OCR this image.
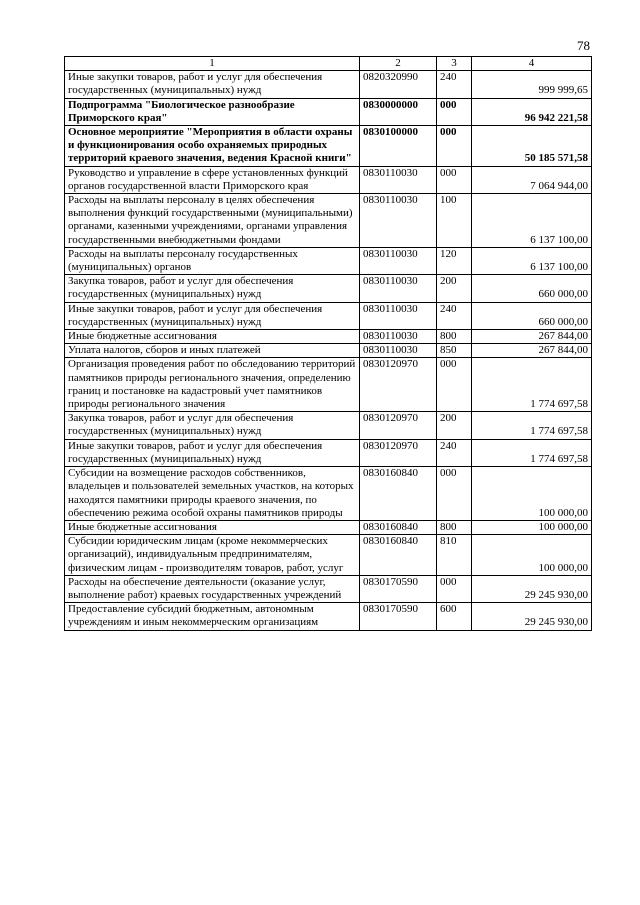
78
1	2	3	4
Иные закупки товаров, работ и услуг для обеспечения государственных (муниципальных) нужд	0820320990	240	999 999,65
Подпрограмма "Биологическое разнообразие Приморского края"	0830000000	000	96 942 221,58
Основное мероприятие "Мероприятия в области охраны и функционирования особо охраняемых природных территорий краевого значения, ведения Красной книги"	0830100000	000	50 185 571,58
Руководство и управление в сфере установленных функций органов государственной власти Приморского края	0830110030	000	7 064 944,00
Расходы на выплаты персоналу в целях обеспечения выполнения функций государственными (муниципальными) органами, казенными учреждениями, органами управления государственными внебюджетными фондами	0830110030	100	6 137 100,00
Расходы на выплаты персоналу государственных (муниципальных) органов	0830110030	120	6 137 100,00
Закупка товаров, работ и услуг для обеспечения государственных (муниципальных) нужд	0830110030	200	660 000,00
Иные закупки товаров, работ и услуг для обеспечения государственных (муниципальных) нужд	0830110030	240	660 000,00
Иные бюджетные ассигнования	0830110030	800	267 844,00
Уплата налогов, сборов и иных платежей	0830110030	850	267 844,00
Организация проведения работ по обследованию территорий памятников природы регионального значения, определению границ и постановке на кадастровый учет памятников природы регионального значения	0830120970	000	1 774 697,58
Закупка товаров, работ и услуг для обеспечения государственных (муниципальных) нужд	0830120970	200	1 774 697,58
Иные закупки товаров, работ и услуг для обеспечения государственных (муниципальных) нужд	0830120970	240	1 774 697,58
Субсидии на возмещение расходов собственников, владельцев и пользователей земельных участков, на которых находятся памятники природы краевого значения, по обеспечению режима особой охраны памятников природы	0830160840	000	100 000,00
Иные бюджетные ассигнования	0830160840	800	100 000,00
Субсидии юридическим лицам (кроме некоммерческих организаций), индивидуальным предпринимателям, физическим лицам - производителям товаров, работ, услуг	0830160840	810	100 000,00
Расходы на обеспечение деятельности (оказание услуг, выполнение работ) краевых государственных учреждений	0830170590	000	29 245 930,00
Предоставление субсидий бюджетным, автономным учреждениям и иным некоммерческим организациям	0830170590	600	29 245 930,00
